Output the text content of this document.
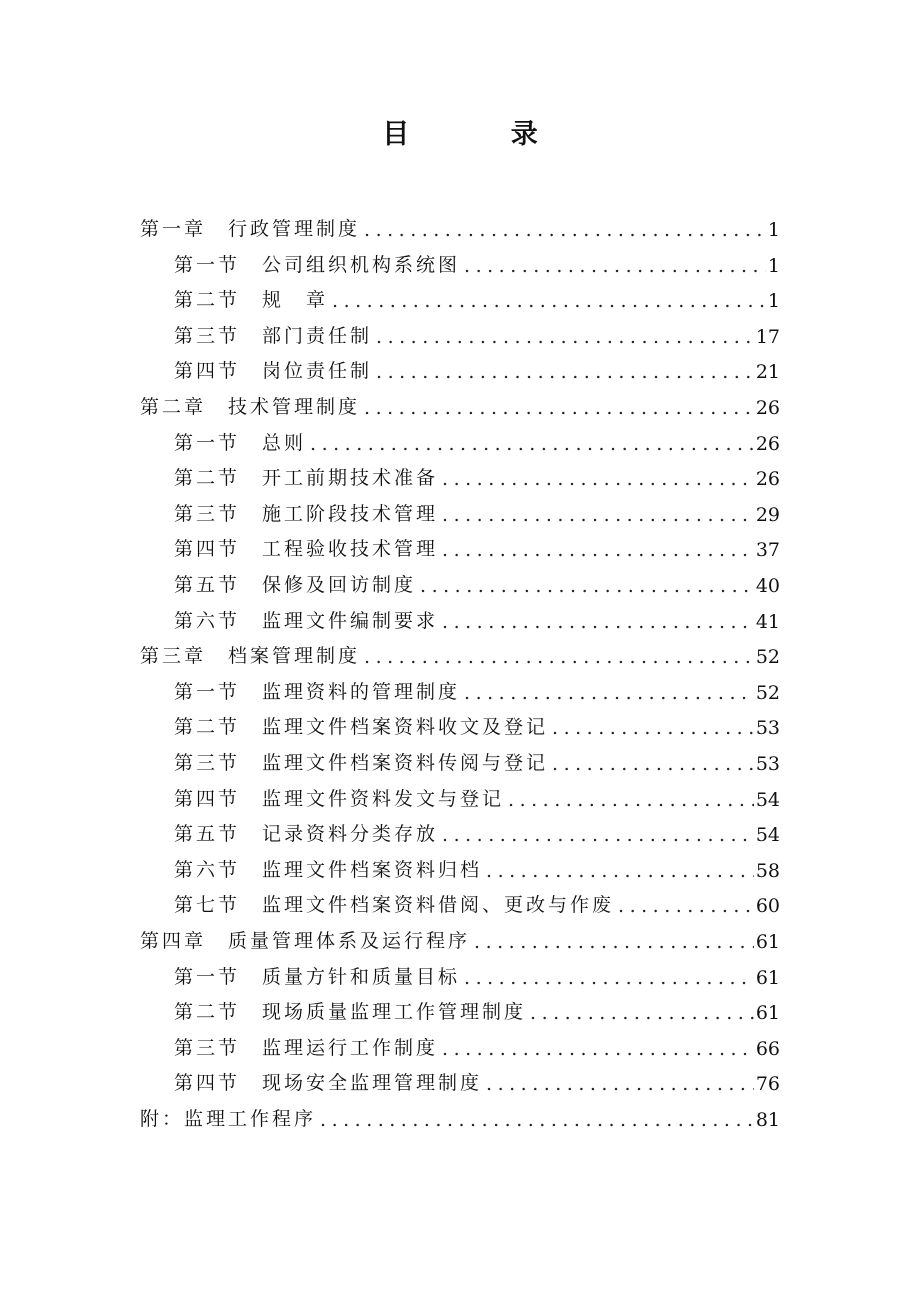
目 录
第一章 行政管理制度 .....	1
第一节 公司组织机构系统图 .....	1
第二节 规　章 .....	1
第三节 部门责任制 .....	17
第四节 岗位责任制 .....	21
第二章 技术管理制度 .....	26
第一节 总则 .....	26
第二节 开工前期技术准备 .....	26
第三节 施工阶段技术管理 .....	29
第四节 工程验收技术管理 .....	37
第五节 保修及回访制度 .....	40
第六节 监理文件编制要求 .....	41
第三章 档案管理制度 .....	52
第一节 监理资料的管理制度 .....	52
第二节 监理文件档案资料收文及登记 .....	53
第三节 监理文件档案资料传阅与登记 .....	53
第四节 监理文件资料发文与登记 .....	54
第五节 记录资料分类存放 .....	54
第六节 监理文件档案资料归档 .....	58
第七节 监理文件档案资料借阅、更改与作废 .....	60
第四章 质量管理体系及运行程序 .....	61
第一节 质量方针和质量目标 .....	61
第二节 现场质量监理工作管理制度 .....	61
第三节 监理运行工作制度 .....	66
第四节 现场安全监理管理制度 .....	76
附： 监理工作程序 .....	81
